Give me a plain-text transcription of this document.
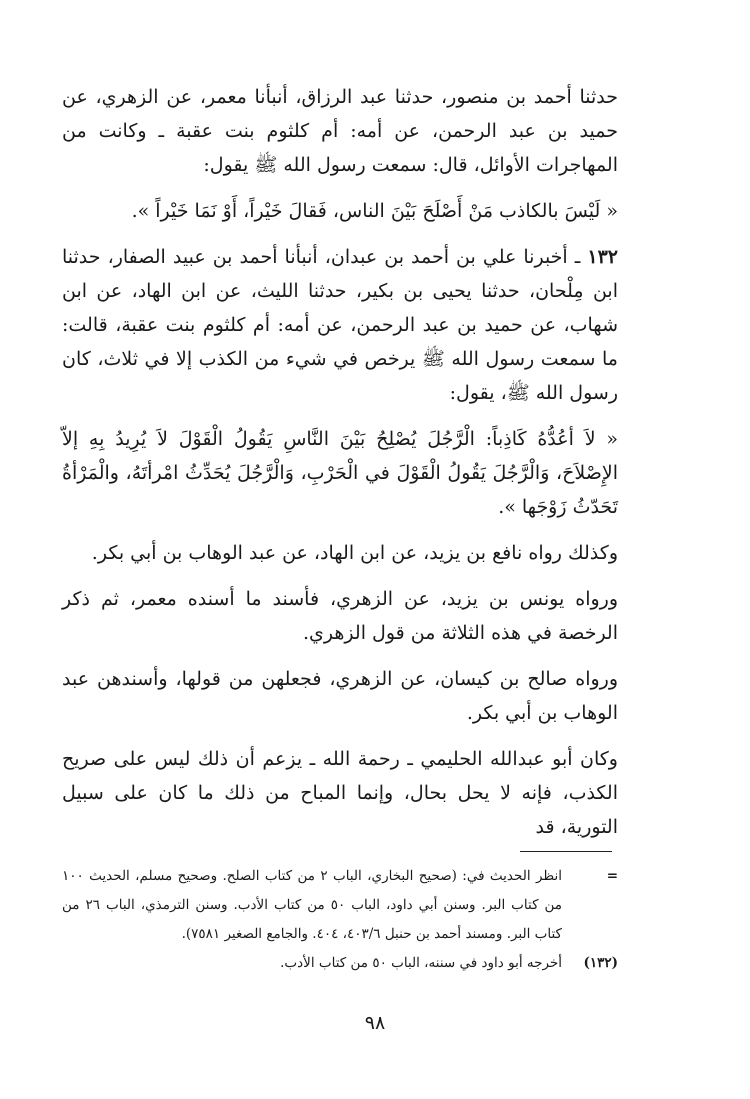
حدثنا أحمد بن منصور، حدثنا عبد الرزاق، أنبأنا معمر، عن الزهري، عن حميد بن عبد الرحمن، عن أمه: أم كلثوم بنت عقبة ـ وكانت من المهاجرات الأوائل، قال: سمعت رسول الله ﷺ يقول:

« لَيْسَ بالكاذب مَنْ أَصْلَحَ بَيْنَ الناس، فَقالَ خَيْراً، أَوْ نَمَا خَيْراً ».

١٣٢ ـ أخبرنا علي بن أحمد بن عبدان، أنبأنا أحمد بن عبيد الصفار، حدثنا ابن مِلْحان، حدثنا يحيى بن بكير، حدثنا الليث، عن ابن الهاد، عن ابن شهاب، عن حميد بن عبد الرحمن، عن أمه: أم كلثوم بنت عقبة، قالت: ما سمعت رسول الله ﷺ يرخص في شيء من الكذب إلا في ثلاث، كان رسول الله ﷺ، يقول:

« لاَ أعُدُّهُ كَاذِباً: الْرَّجُلَ يُصْلِحُ بَيْنَ النَّاسِ يَقُولُ الْقَوْلَ لاَ يُرِيدُ بِهِ إلاّ الإِصْلاَحَ، وَالْرَّجُلَ يَقُولُ الْقَوْلَ في الْحَرْبِ، وَالْرَّجُلَ يُحَدِّثُ امْرأتَهُ، والْمَرْأةُ تَحَدّثُ زَوْجَها ».

وكذلك رواه نافع بن يزيد، عن ابن الهاد، عن عبد الوهاب بن أبي بكر.

ورواه يونس بن يزيد، عن الزهري، فأسند ما أسنده معمر، ثم ذكر الرخصة في هذه الثلاثة من قول الزهري.

ورواه صالح بن كيسان، عن الزهري، فجعلهن من قولها، وأسندهن عبد الوهاب بن أبي بكر.

وكان أبو عبدالله الحليمي ـ رحمة الله ـ يزعم أن ذلك ليس على صريح الكذب، فإنه لا يحل بحال، وإنما المباح من ذلك ما كان على سبيل التورية، قد

=
انظر الحديث في: (صحيح البخاري، الباب ٢ من كتاب الصلح. وصحيح مسلم، الحديث ١٠٠ من كتاب البر. وسنن أبي داود، الباب ٥٠ من كتاب الأدب. وسنن الترمذي، الباب ٢٦ من كتاب البر. ومسند أحمد بن حنبل ٤٠٣/٦، ٤٠٤. والجامع الصغير ٧٥٨١).
(١٣٢)
أخرجه أبو داود في سننه، الباب ٥٠ من كتاب الأدب.
٩٨
